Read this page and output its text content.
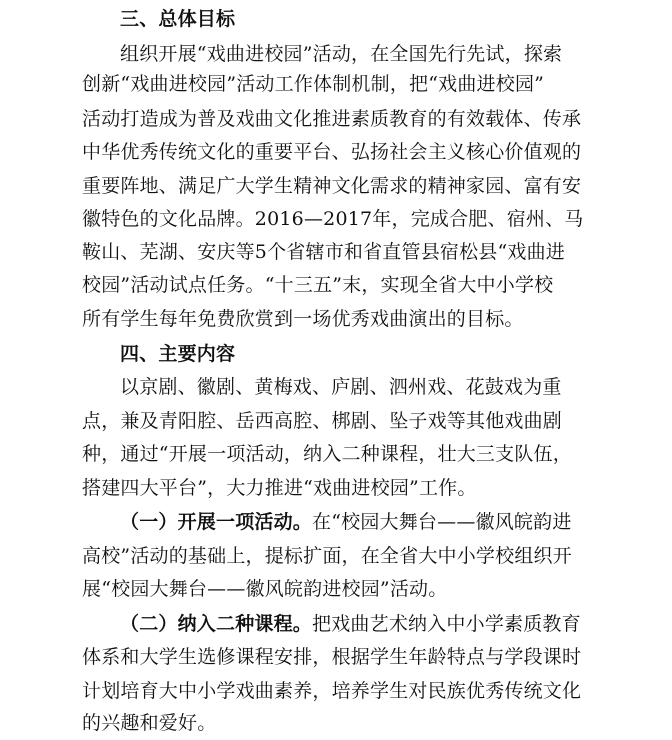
三、总体目标
组织开展“戏曲进校园”活动，在全国先行先试，探索
创新“戏曲进校园”活动工作体制机制，把“戏曲进校园”
活动打造成为普及戏曲文化推进素质教育的有效载体、传承
中华优秀传统文化的重要平台、弘扬社会主义核心价值观的
重要阵地、满足广大学生精神文化需求的精神家园、富有安
徽特色的文化品牌。2016—2017年，完成合肥、宿州、马
鞍山、芜湖、安庆等5个省辖市和省直管县宿松县“戏曲进
校园”活动试点任务。“十三五”末，实现全省大中小学校
所有学生每年免费欣赏到一场优秀戏曲演出的目标。
四、主要内容
以京剧、徽剧、黄梅戏、庐剧、泗州戏、花鼓戏为重
点，兼及青阳腔、岳西高腔、梆剧、坠子戏等其他戏曲剧
种，通过“开展一项活动，纳入二种课程，壮大三支队伍，
搭建四大平台”，大力推进“戏曲进校园”工作。
（一）开展一项活动。在“校园大舞台——徽风皖韵进
高校”活动的基础上，提标扩面，在全省大中小学校组织开
展“校园大舞台——徽风皖韵进校园”活动。
（二）纳入二种课程。把戏曲艺术纳入中小学素质教育
体系和大学生选修课程安排，根据学生年龄特点与学段课时
计划培育大中小学戏曲素养，培养学生对民族优秀传统文化
的兴趣和爱好。
